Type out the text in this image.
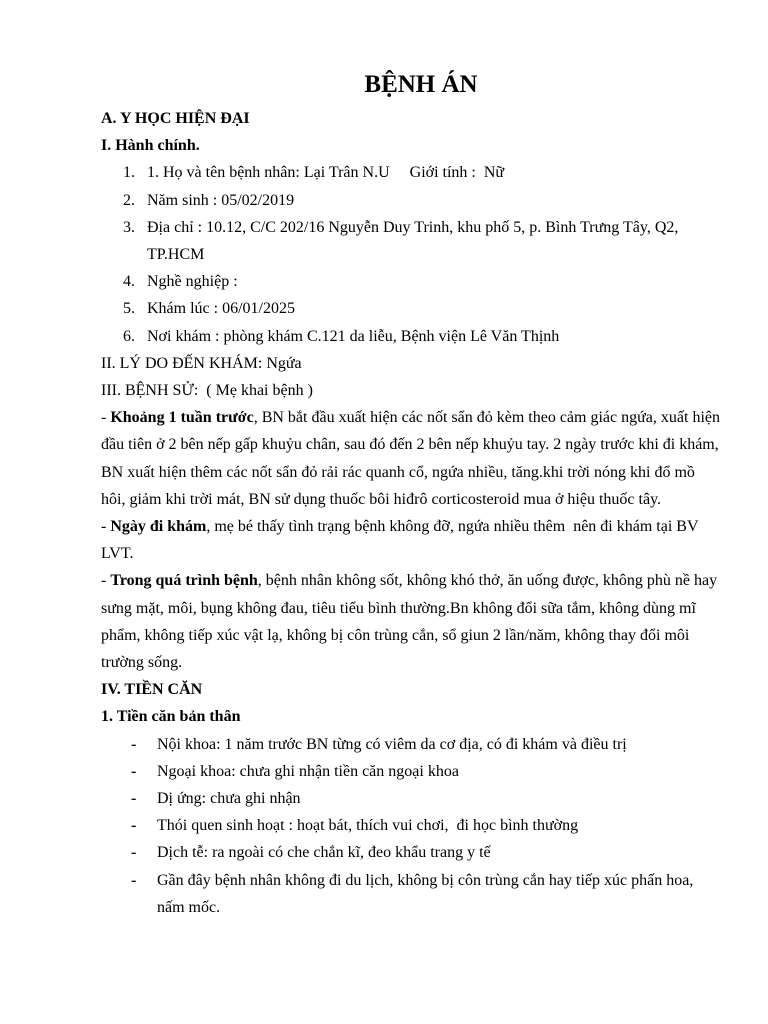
BỆNH ÁN

A. Y HỌC HIỆN ĐẠI

I. Hành chính.

1. 1. Họ và tên bệnh nhân: Lại Trân N.U     Giới tính :  Nữ
2. Năm sinh : 05/02/2019
3. Địa chỉ : 10.12, C/C 202/16 Nguyễn Duy Trinh, khu phố 5, p. Bình Trưng Tây, Q2, TP.HCM
4. Nghề nghiệp :
5. Khám lúc : 06/01/2025
6. Nơi khám : phòng khám C.121 da liễu, Bệnh viện Lê Văn Thịnh

II. LÝ DO ĐẾN KHÁM: Ngứa

III. BỆNH SỬ:  ( Mẹ khai bệnh )

- Khoảng 1 tuần trước, BN bắt đầu xuất hiện các nốt sẩn đỏ kèm theo cảm giác ngứa, xuất hiện đầu tiên ở 2 bên nếp gấp khuỷu chân, sau đó đến 2 bên nếp khuỷu tay. 2 ngày trước khi đi khám, BN xuất hiện thêm các nốt sẩn đỏ rải rác quanh cổ, ngứa nhiều, tăng.khi trời nóng khi đổ mồ hôi, giảm khi trời mát, BN sử dụng thuốc bôi hiđrô corticosteroid mua ở hiệu thuốc tây.

- Ngày đi khám, mẹ bé thấy tình trạng bệnh không đỡ, ngứa nhiều thêm  nên đi khám tại BV LVT.

- Trong quá trình bệnh, bệnh nhân không sốt, không khó thở, ăn uống được, không phù nề hay sưng mặt, môi, bụng không đau, tiêu tiểu bình thường.Bn không đổi sữa tắm, không dùng mĩ phẩm, không tiếp xúc vật lạ, không bị côn trùng cắn, sổ giun 2 lần/năm, không thay đổi môi trường sống.

IV. TIỀN CĂN

1. Tiền căn bản thân

- Nội khoa: 1 năm trước BN từng có viêm da cơ địa, có đi khám và điều trị
- Ngoại khoa: chưa ghi nhận tiền căn ngoại khoa
- Dị ứng: chưa ghi nhận
- Thói quen sinh hoạt : hoạt bát, thích vui chơi,  đi học bình thường
- Dịch tễ: ra ngoài có che chắn kĩ, đeo khẩu trang y tế
- Gần đây bệnh nhân không đi du lịch, không bị côn trùng cắn hay tiếp xúc phấn hoa, nấm mốc.
